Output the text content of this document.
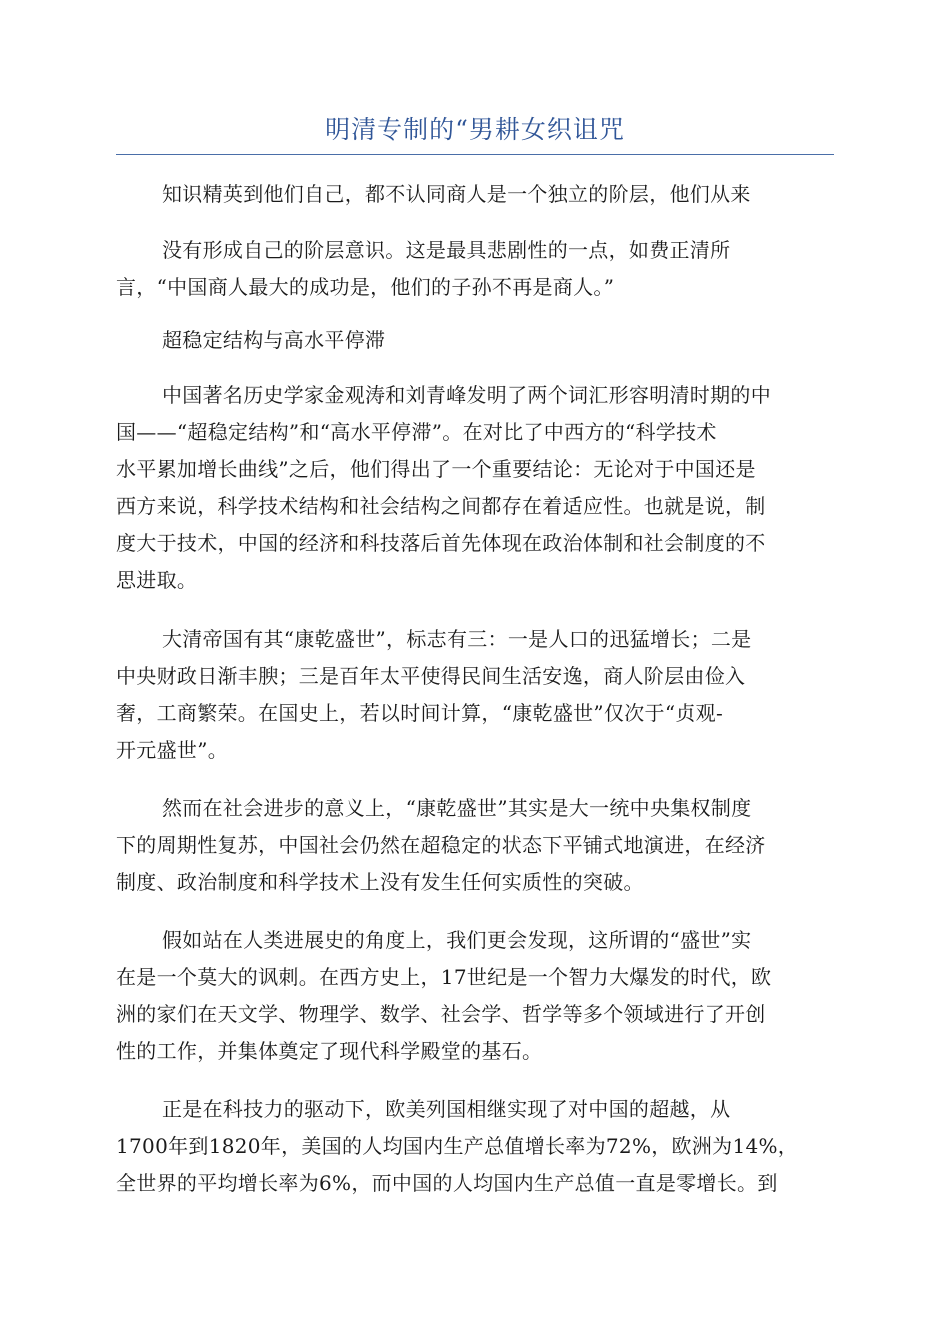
明清专制的“男耕女织诅咒
知识精英到他们自己，都不认同商人是一个独立的阶层，他们从来
没有形成自己的阶层意识。这是最具悲剧性的一点，如费正清所
言，“中国商人最大的成功是，他们的子孙不再是商人。”
超稳定结构与高水平停滞
中国著名历史学家金观涛和刘青峰发明了两个词汇形容明清时期的中
国——“超稳定结构”和“高水平停滞”。在对比了中西方的“科学技术
水平累加增长曲线”之后，他们得出了一个重要结论：无论对于中国还是
西方来说，科学技术结构和社会结构之间都存在着适应性。也就是说，制
度大于技术，中国的经济和科技落后首先体现在政治体制和社会制度的不
思进取。
大清帝国有其“康乾盛世”，标志有三：一是人口的迅猛增长；二是
中央财政日渐丰腴；三是百年太平使得民间生活安逸，商人阶层由俭入
奢，工商繁荣。在国史上，若以时间计算，“康乾盛世”仅次于“贞观-
开元盛世”。
然而在社会进步的意义上，“康乾盛世”其实是大一统中央集权制度
下的周期性复苏，中国社会仍然在超稳定的状态下平铺式地演进，在经济
制度、政治制度和科学技术上没有发生任何实质性的突破。
假如站在人类进展史的角度上，我们更会发现，这所谓的“盛世”实
在是一个莫大的讽刺。在西方史上，17世纪是一个智力大爆发的时代，欧
洲的家们在天文学、物理学、数学、社会学、哲学等多个领域进行了开创
性的工作，并集体奠定了现代科学殿堂的基石。
正是在科技力的驱动下，欧美列国相继实现了对中国的超越，从
1700年到1820年，美国的人均国内生产总值增长率为72%，欧洲为14%，
全世界的平均增长率为6%，而中国的人均国内生产总值一直是零增长。到
